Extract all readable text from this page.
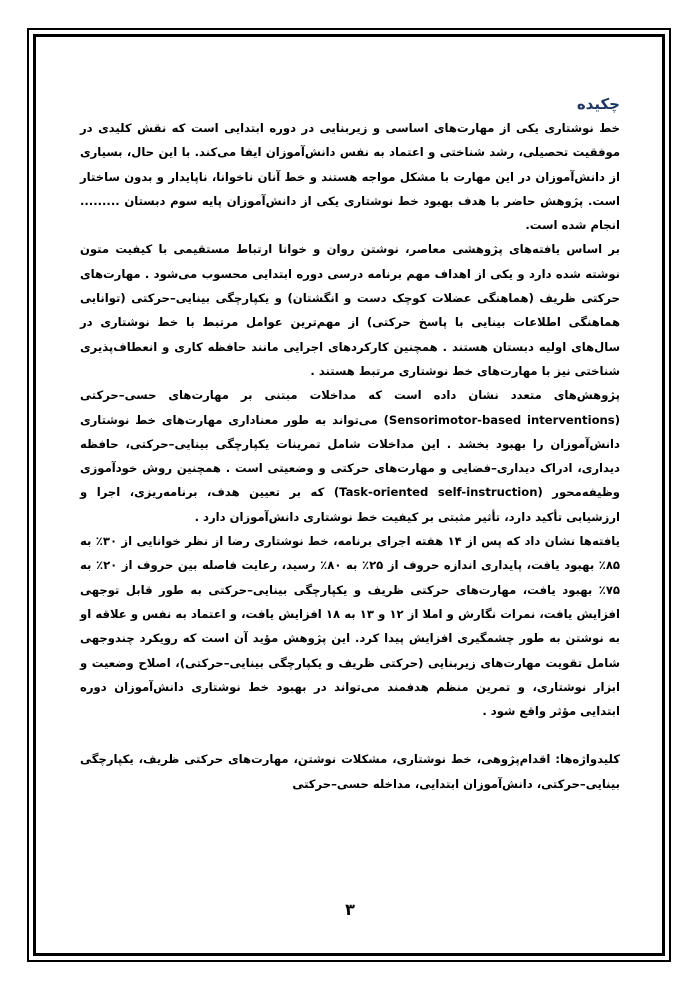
چکیده

خط نوشتاری یکی از مهارت‌های اساسی و زیربنایی در دوره ابتدایی است که نقش کلیدی در موفقیت تحصیلی، رشد شناختی و اعتماد به نفس دانش‌آموزان ایفا می‌کند. با این حال، بسیاری از دانش‌آموزان در این مهارت با مشکل مواجه هستند و خط آنان ناخوانا، ناپایدار و بدون ساختار است. پژوهش حاضر با هدف بهبود خط نوشتاری یکی از دانش‌آموزان پایه سوم دبستان ......... انجام شده است.

بر اساس یافته‌های پژوهشی معاصر، نوشتن روان و خوانا ارتباط مستقیمی با کیفیت متون نوشته شده دارد و یکی از اهداف مهم برنامه درسی دوره ابتدایی محسوب می‌شود . مهارت‌های حرکتی ظریف (هماهنگی عضلات کوچک دست و انگشتان) و یکپارچگی بینایی–حرکتی (توانایی هماهنگی اطلاعات بینایی با پاسخ حرکتی) از مهم‌ترین عوامل مرتبط با خط نوشتاری در سال‌های اولیه دبستان هستند . همچنین کارکردهای اجرایی مانند حافظه کاری و انعطاف‌پذیری شناختی نیز با مهارت‌های خط نوشتاری مرتبط هستند .

پژوهش‌های متعدد نشان داده است که مداخلات مبتنی بر مهارت‌های حسی–حرکتی (Sensorimotor-based interventions) می‌تواند به طور معناداری مهارت‌های خط نوشتاری دانش‌آموزان را بهبود بخشد . این مداخلات شامل تمرینات یکپارچگی بینایی–حرکتی، حافظه دیداری، ادراک دیداری–فضایی و مهارت‌های حرکتی و وضعیتی است . همچنین روش خودآموزی وظیفه‌محور (Task-oriented self-instruction) که بر تعیین هدف، برنامه‌ریزی، اجرا و ارزشیابی تأکید دارد، تأثیر مثبتی بر کیفیت خط نوشتاری دانش‌آموزان دارد .

یافته‌ها نشان داد که پس از ۱۴ هفته اجرای برنامه، خط نوشتاری رضا از نظر خوانایی از ۳۰٪ به ۸۵٪ بهبود یافت، پایداری اندازه حروف از ۲۵٪ به ۸۰٪ رسید، رعایت فاصله بین حروف از ۲۰٪ به ۷۵٪ بهبود یافت، مهارت‌های حرکتی ظریف و یکپارچگی بینایی–حرکتی به طور قابل توجهی افزایش یافت، نمرات نگارش و املا از ۱۲ و ۱۳ به ۱۸ افزایش یافت، و اعتماد به نفس و علاقه او به نوشتن به طور چشمگیری افزایش پیدا کرد. این پژوهش مؤید آن است که رویکرد چندوجهی شامل تقویت مهارت‌های زیربنایی (حرکتی ظریف و یکپارچگی بینایی–حرکتی)، اصلاح وضعیت و ابزار نوشتاری، و تمرین منظم هدفمند می‌تواند در بهبود خط نوشتاری دانش‌آموزان دوره ابتدایی مؤثر واقع شود .

کلیدواژه‌ها: اقدام‌پژوهی، خط نوشتاری، مشکلات نوشتن، مهارت‌های حرکتی ظریف، یکپارچگی بینایی–حرکتی، دانش‌آموزان ابتدایی، مداخله حسی–حرکتی

۳
